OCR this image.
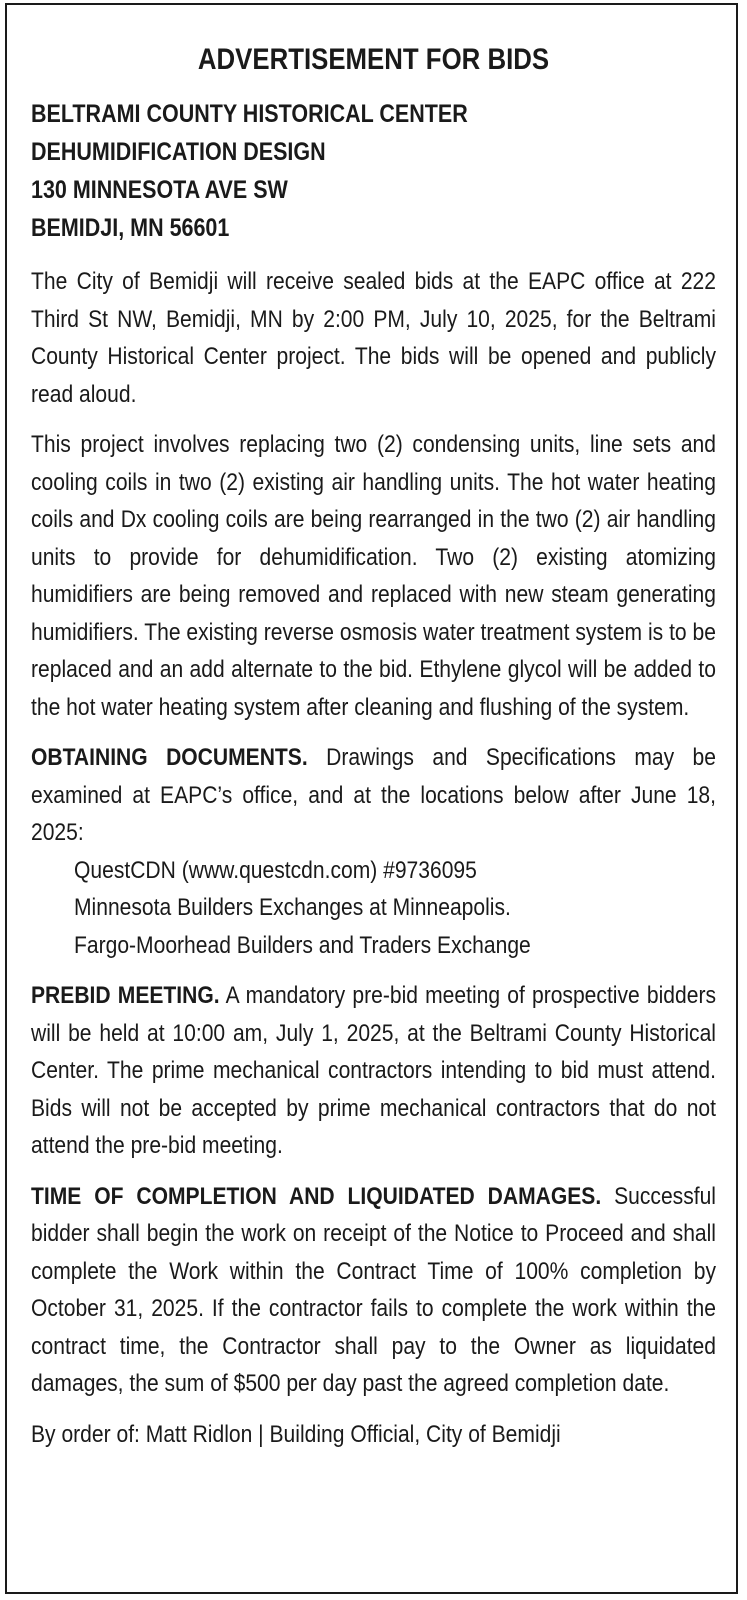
ADVERTISEMENT FOR BIDS
BELTRAMI COUNTY HISTORICAL CENTER
DEHUMIDIFICATION DESIGN
130 MINNESOTA AVE SW
BEMIDJI, MN 56601

The City of Bemidji will receive sealed bids at the EAPC office at 222 Third St NW, Bemidji, MN by 2:00 PM, July 10, 2025, for the Beltrami County Historical Center project. The bids will be opened and publicly read aloud.

This project involves replacing two (2) condensing units, line sets and cooling coils in two (2) existing air handling units. The hot water heating coils and Dx cooling coils are being rearranged in the two (2) air handling units to provide for dehumidification. Two (2) existing atomizing humidifiers are being removed and replaced with new steam generating humidifiers. The existing reverse osmosis water treatment system is to be replaced and an add alternate to the bid. Ethylene glycol will be added to the hot water heating system after cleaning and flushing of the system.

OBTAINING DOCUMENTS. Drawings and Specifications may be examined at EAPC’s office, and at the locations below after June 18, 2025:

QuestCDN (www.questcdn.com) #9736095
Minnesota Builders Exchanges at Minneapolis.
Fargo-Moorhead Builders and Traders Exchange

PREBID MEETING. A mandatory pre-bid meeting of prospective bidders will be held at 10:00 am, July 1, 2025, at the Beltrami County Historical Center. The prime mechanical contractors intending to bid must attend. Bids will not be accepted by prime mechanical contractors that do not attend the pre-bid meeting.

TIME OF COMPLETION AND LIQUIDATED DAMAGES. Successful bidder shall begin the work on receipt of the Notice to Proceed and shall complete the Work within the Contract Time of 100% completion by October 31, 2025. If the contractor fails to complete the work within the contract time, the Contractor shall pay to the Owner as liquidated damages, the sum of $500 per day past the agreed completion date.

By order of: Matt Ridlon | Building Official, City of Bemidji
